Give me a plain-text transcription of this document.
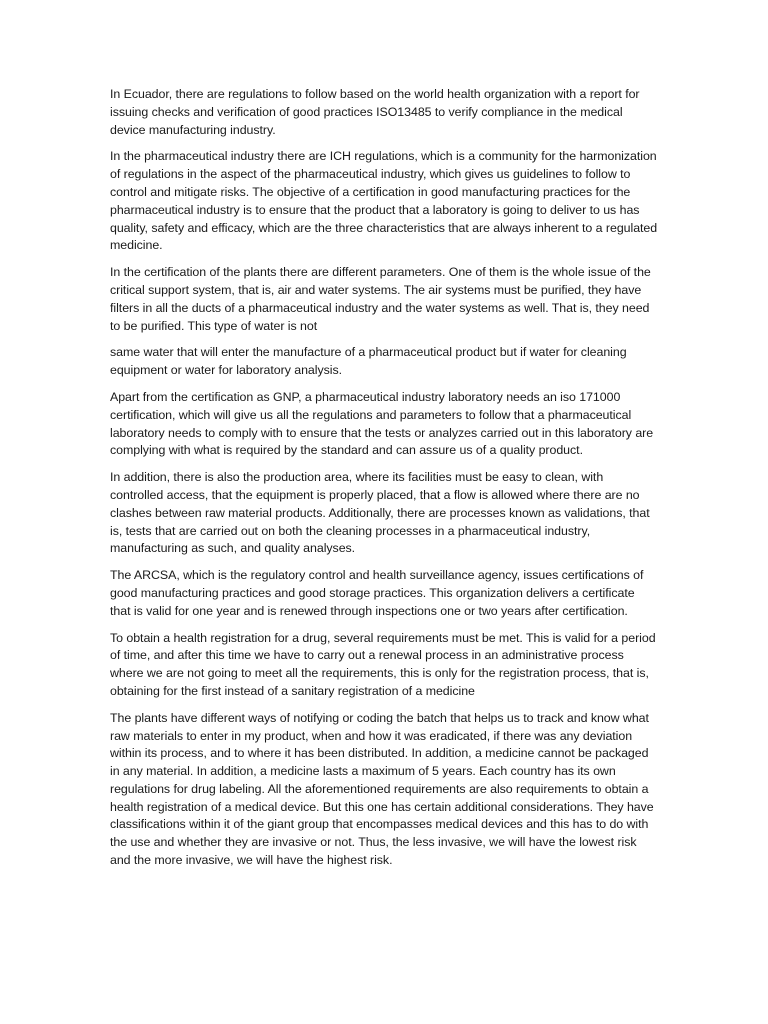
In Ecuador, there are regulations to follow based on the world health organization with a report for issuing checks and verification of good practices ISO13485 to verify compliance in the medical device manufacturing industry.

In the pharmaceutical industry there are ICH regulations, which is a community for the harmonization of regulations in the aspect of the pharmaceutical industry, which gives us guidelines to follow to control and mitigate risks. The objective of a certification in good manufacturing practices for the pharmaceutical industry is to ensure that the product that a laboratory is going to deliver to us has quality, safety and efficacy, which are the three characteristics that are always inherent to a regulated medicine.

In the certification of the plants there are different parameters. One of them is the whole issue of the critical support system, that is, air and water systems. The air systems must be purified, they have filters in all the ducts of a pharmaceutical industry and the water systems as well. That is, they need to be purified. This type of water is not

same water that will enter the manufacture of a pharmaceutical product but if water for cleaning equipment or water for laboratory analysis.

Apart from the certification as GNP, a pharmaceutical industry laboratory needs an iso 171000 certification, which will give us all the regulations and parameters to follow that a pharmaceutical laboratory needs to comply with to ensure that the tests or analyzes carried out in this laboratory are complying with what is required by the standard and can assure us of a quality product.

In addition, there is also the production area, where its facilities must be easy to clean, with controlled access, that the equipment is properly placed, that a flow is allowed where there are no clashes between raw material products. Additionally, there are processes known as validations, that is, tests that are carried out on both the cleaning processes in a pharmaceutical industry, manufacturing as such, and quality analyses.

The ARCSA, which is the regulatory control and health surveillance agency, issues certifications of good manufacturing practices and good storage practices. This organization delivers a certificate that is valid for one year and is renewed through inspections one or two years after certification.

To obtain a health registration for a drug, several requirements must be met. This is valid for a period of time, and after this time we have to carry out a renewal process in an administrative process where we are not going to meet all the requirements, this is only for the registration process, that is, obtaining for the first instead of a sanitary registration of a medicine

The plants have different ways of notifying or coding the batch that helps us to track and know what raw materials to enter in my product, when and how it was eradicated, if there was any deviation within its process, and to where it has been distributed. In addition, a medicine cannot be packaged in any material. In addition, a medicine lasts a maximum of 5 years. Each country has its own regulations for drug labeling. All the aforementioned requirements are also requirements to obtain a health registration of a medical device. But this one has certain additional considerations. They have classifications within it of the giant group that encompasses medical devices and this has to do with the use and whether they are invasive or not. Thus, the less invasive, we will have the lowest risk and the more invasive, we will have the highest risk.
